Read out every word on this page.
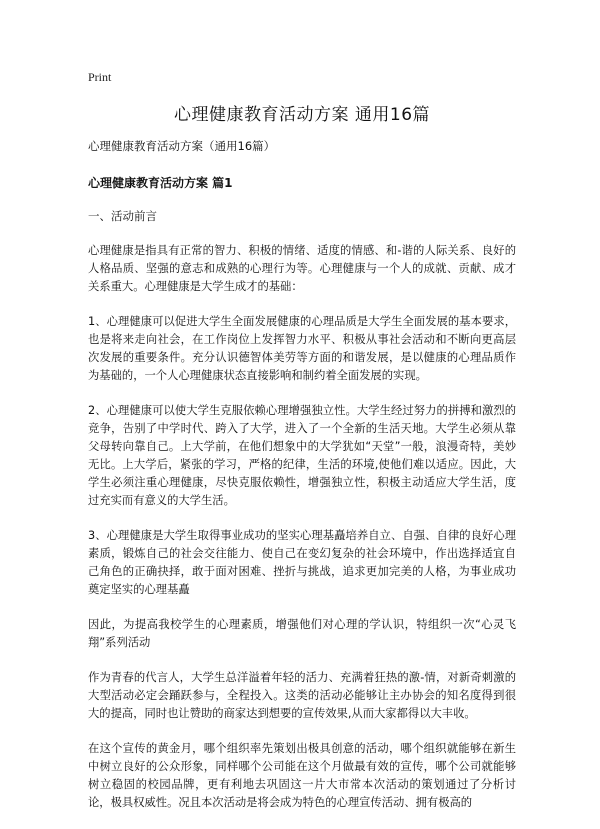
Print
心理健康教育活动方案 通用16篇
心理健康教育活动方案（通用16篇）
心理健康教育活动方案 篇1
一、活动前言

心理健康是指具有正常的智力、积极的情绪、适度的情感、和-谐的人际关系、良好的人格品质、坚强的意志和成熟的心理行为等。心理健康与一个人的成就、贡献、成才关系重大。心理健康是大学生成才的基础：

1、心理健康可以促进大学生全面发展健康的心理品质是大学生全面发展的基本要求，也是将来走向社会，在工作岗位上发挥智力水平、积极从事社会活动和不断向更高层次发展的重要条件。充分认识德智体美劳等方面的和谐发展，是以健康的心理品质作为基础的，一个人心理健康状态直接影响和制约着全面发展的实现。

2、心理健康可以使大学生克服依赖心理增强独立性。大学生经过努力的拼搏和激烈的竞争，告别了中学时代、跨入了大学，进入了一个全新的生活天地。大学生必须从靠父母转向靠自己。上大学前，在他们想象中的大学犹如“天堂”一般，浪漫奇特，美妙无比。上大学后，紧张的学习，严格的纪律，生活的环境,使他们难以适应。因此，大学生必须注重心理健康，尽快克服依赖性，增强独立性，积极主动适应大学生活，度过充实而有意义的大学生活。

3、心理健康是大学生取得事业成功的坚实心理基矗培养自立、自强、自律的良好心理素质，锻炼自己的社会交往能力、使自己在变幻复杂的社会环境中，作出选择适宜自己角色的正确抉择，敢于面对困难、挫折与挑战，追求更加完美的人格，为事业成功奠定坚实的心理基矗

因此，为提高我校学生的心理素质，增强他们对心理的学认识，特组织一次“心灵飞翔”系列活动

作为青春的代言人，大学生总洋溢着年轻的活力、充满着狂热的激-情，对新奇刺激的大型活动必定会踊跃参与，全程投入。这类的活动必能够让主办协会的知名度得到很大的提高，同时也让赞助的商家达到想要的宣传效果,从而大家都得以大丰收。

在这个宣传的黄金月，哪个组织率先策划出极具创意的活动，哪个组织就能够在新生中树立良好的公众形象，同样哪个公司能在这个月做最有效的宣传，哪个公司就能够树立稳固的校园品牌，更有利地去巩固这一片大市常本次活动的策划通过了分析讨论，极具权威性。况且本次活动是将会成为特色的心理宣传活动、拥有极高的
